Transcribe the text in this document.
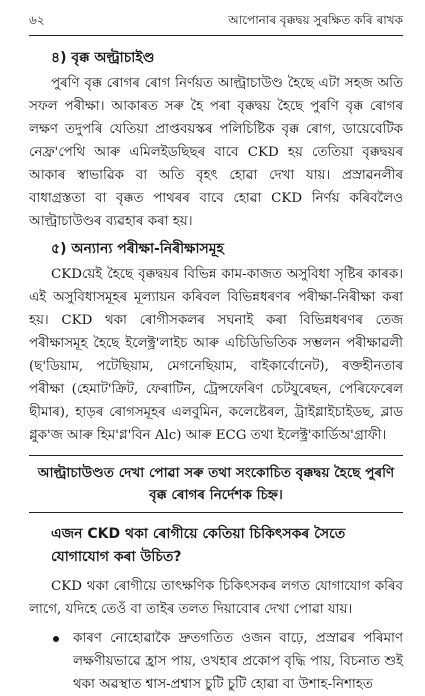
৬২	আপোনাৰ বৃক্কদ্বয় সুৰক্ষিত কৰি ৰাখক
৪) বৃক্ক অল্ট্ৰাচাইণ্ড

পুৰণি বৃক্ক ৰোগৰ ৰোগ নিৰ্ণয়ত আল্ট্ৰাচাউণ্ড হৈছে এটা সহজ অতি সফল পৰীক্ষা। আকাৰত সৰু হৈ পৰা বৃক্কদ্বয় হৈছে পুৰণি বৃক্ক ৰোগৰ লক্ষণ তদুপৰি যেতিয়া প্ৰাপ্তবয়স্কৰ পলিচিষ্টিক বৃক্ক ৰোগ, ডায়েবেটিক নেফ্ৰ'পেথি আৰু এমিলইডছিছৰ বাবে CKD হয় তেতিয়া বৃক্কদ্বয়ৰ আকাৰ স্বাভাৱিক বা অতি বৃহৎ হোৱা দেখা যায়। প্ৰস্ৰাৱনলীৰ বাধাগ্ৰস্ততা বা বৃক্কত পাথৰৰ বাবে হোৱা CKD নিৰ্ণয় কৰিবলৈও আল্ট্ৰাচাউণ্ডৰ ব্যৱহাৰ কৰা হয়।

৫) অন্যান্য পৰীক্ষা-নিৰীক্ষাসমূহ

CKDয়েই হৈছে বৃক্কদ্বয়ৰ বিভিন্ন কাম-কাজত অসুবিধা সৃষ্টিৰ কাৰক। এই অসুবিধাসমূহৰ মূল্যায়ন কৰিবল বিভিন্নধৰণৰ পৰীক্ষা-নিৰীক্ষা কৰা হয়। CKD থকা ৰোগীসকলৰ সঘনাই কৰা বিভিন্নধৰণৰ তেজ পৰীক্ষাসমূহ হৈছে ইলেক্ট্ৰ'লাইচ আৰু এচিডিভিতিক সম্ভলন পৰীক্ষাৱলী (ছ'ডিয়াম, পটেছিয়াম, মেগনেছিয়াম, বাইকাৰ্বোনেট), ৰক্তহীনতাৰ পৰীক্ষা (হেমাট'ক্ৰিট, ফেৰাটিন, ট্ৰেন্সফেৰিণ চেটযুৰেছন, পেৰিফেৰেল ছীমাৰ), হাড়ৰ ৰোগসমূহৰ এলবুমিন, কলেষ্টেৰল, ট্ৰাইগ্লাইচাইডছ, ব্লাড গ্লুক'জ আৰু হিম'গ্ল'বিন Alc) আৰু ECG তথা ইলেক্ট্ৰ'কাৰ্ডিঅ'গ্ৰাফী।

আল্ট্ৰাচাউণ্ডত দেখা পোৱা সৰু তথা সংকোচিত বৃক্কদ্বয় হৈছে পুৰণি বৃক্ক ৰোগৰ নিৰ্দেশক চিহ্ন।
এজন CKD থকা ৰোগীয়ে কেতিয়া চিকিৎসকৰ সৈতে যোগাযোগ কৰা উচিত?

CKD থকা ৰোগীয়ে তাৎক্ষণিক চিকিৎসকৰ লগত যোগাযোগ কৰিব লাগে, যদিহে তেওঁ বা তাইৰ তলত দিয়াবোৰ দেখা পোৱা যায়।

কাৰণ নোহোৱাকৈ দ্ৰুতগতিত ওজন বাঢ়ে, প্ৰস্ৰাৱৰ পৰিমাণ লক্ষণীয়ভাৱে হ্ৰাস পায়, ওখহাৰ প্ৰকোপ বৃদ্ধি পায়, বিচনাত শুই থকা অৱস্থাত শ্বাস-প্ৰশ্বাস চুটি চুটি হোৱা বা উশাহ-নিশাহত
